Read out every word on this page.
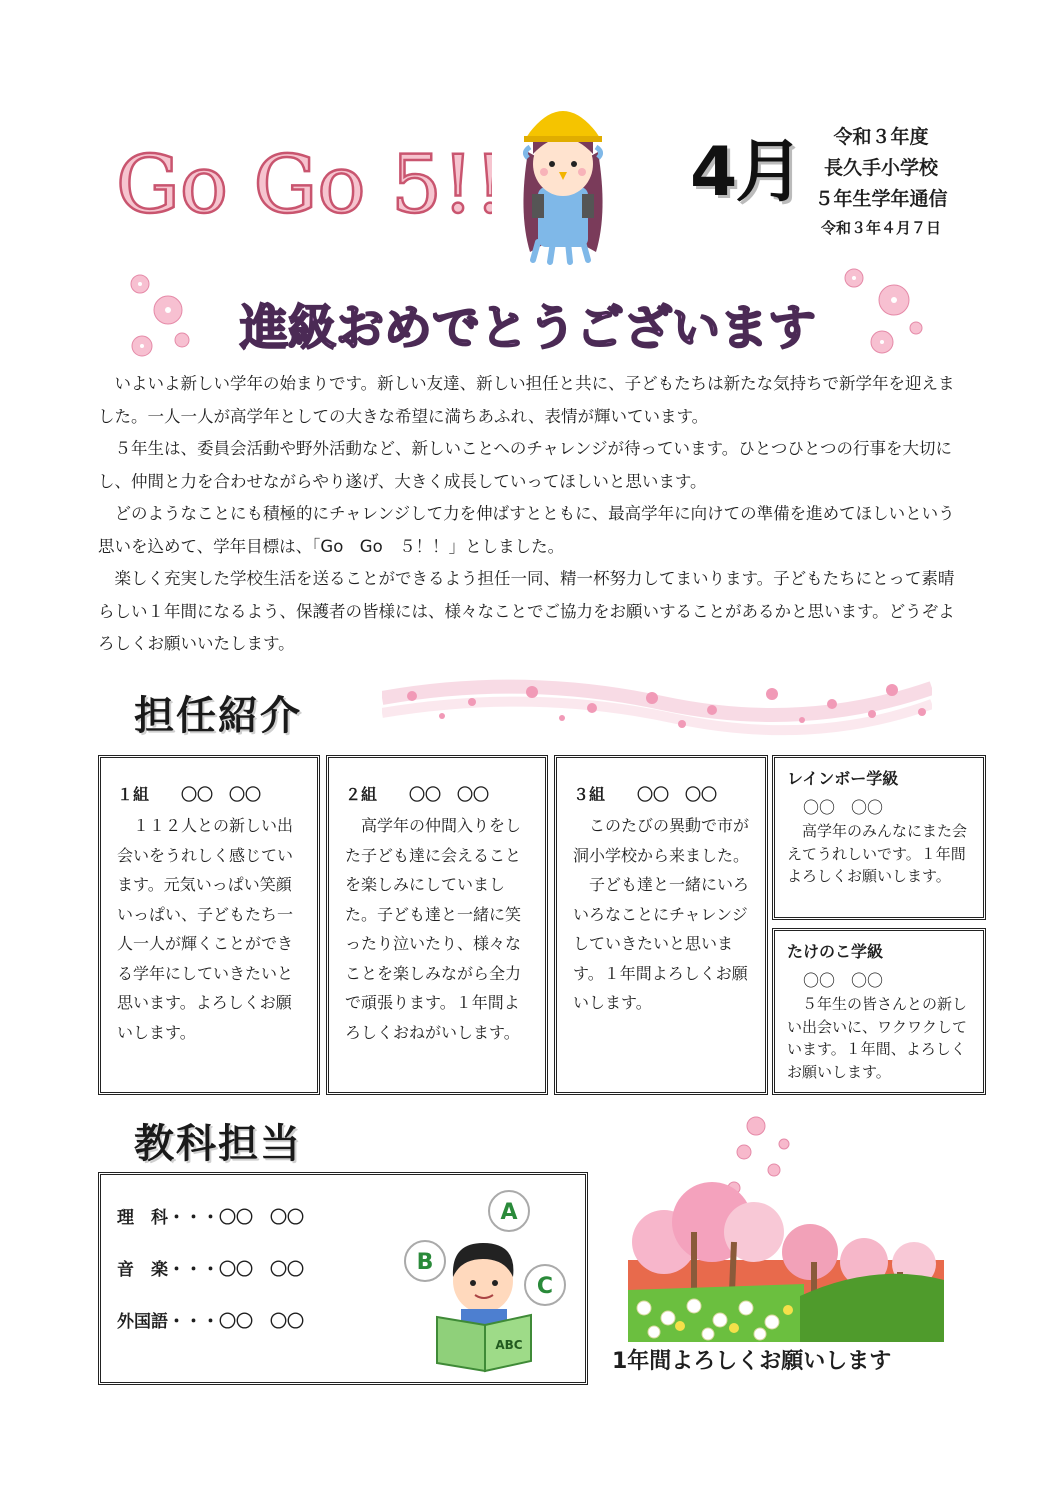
Go Go 5!!	4月	令和３年度
長久手小学校
５年生学年通信
令和３年４月７日
進級おめでとうございます

いよいよ新しい学年の始まりです。新しい友達、新しい担任と共に、子どもたちは新たな気持ちで新学年を迎えました。一人一人が高学年としての大きな希望に満ちあふれ、表情が輝いています。

５年生は、委員会活動や野外活動など、新しいことへのチャレンジが待っています。ひとつひとつの行事を大切にし、仲間と力を合わせながらやり遂げ、大きく成長していってほしいと思います。

どのようなことにも積極的にチャレンジして力を伸ばすとともに、最高学年に向けての準備を進めてほしいという思いを込めて、学年目標は、「Go　Go　５！！」としました。

楽しく充実した学校生活を送ることができるよう担任一同、精一杯努力してまいります。子どもたちにとって素晴らしい１年間になるよう、保護者の皆様には、様々なことでご協力をお願いすることがあるかと思います。どうぞよろしくお願いいたします。

担任紹介
１組　　〇〇　〇〇

１１２人との新しい出会いをうれしく感じています。元気いっぱい笑顔いっぱい、子どもたち一人一人が輝くことができる学年にしていきたいと思います。よろしくお願いします。

２組　　〇〇　〇〇

高学年の仲間入りをした子ども達に会えることを楽しみにしていました。子ども達と一緒に笑ったり泣いたり、様々なことを楽しみながら全力で頑張ります。１年間よろしくおねがいします。

３組　　〇〇　〇〇

このたびの異動で市が洞小学校から来ました。

子ども達と一緒にいろいろなことにチャレンジしていきたいと思います。１年間よろしくお願いします。

レインボー学級
〇〇　〇〇

高学年のみんなにまた会えてうれしいです。１年間よろしくお願いします。

たけのこ学級
〇〇　〇〇

５年生の皆さんとの新しい出会いに、ワクワクしています。１年間、よろしくお願いします。

教科担当
理　科・・・〇〇　〇〇
音　楽・・・〇〇　〇〇
外国語・・・〇〇　〇〇
A
B
C
ABC
1年間よろしくお願いします
